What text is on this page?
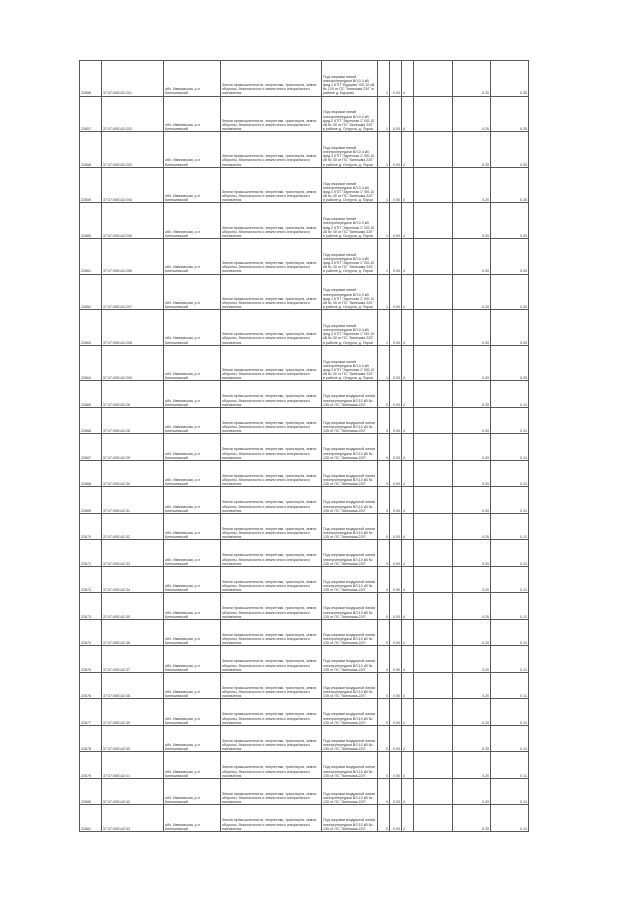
22656	37:07:050142:201	обл. Ивановская, р-н Кинешемский	Земли промышленности, энергетики, транспорта, земли обороны, безопасности и земли иного специального назначения	Под опорами линий электропередачи ВЛ-0.4 кВ фид.1 КТП "Бурцево" ВЛ-10 кВ № 120 от ПС "Кинешма 220" в районе д. Бурцево	1	0.00	4		0.20	0.25
22657	37:07:050142:202	обл. Ивановская, р-н Кинешемский	Земли промышленности, энергетики, транспорта, земли обороны, безопасности и земли иного специального назначения	Под опорами линий электропередачи ВЛ-0.4 кВ фид.2 КТП "Заречная 1" ВЛ-10 кВ № 30 от ПС "Кинешма 220" в районе д. Оструха, д. Порки	1	0.00	4		0.20	0.25
22658	37:07:050142:203	обл. Ивановская, р-н Кинешемский	Земли промышленности, энергетики, транспорта, земли обороны, безопасности и земли иного специального назначения	Под опорами линий электропередачи ВЛ-0.4 кВ фид.3 КТП "Заречная 1" ВЛ-10 кВ № 30 от ПС "Кинешма 220" в районе д. Оструха, д. Порки	1	0.00	4		0.20	0.25
22659	37:07:050142:204	обл. Ивановская, р-н Кинешемский	Земли промышленности, энергетики, транспорта, земли обороны, безопасности и земли иного специального назначения	Под опорами линий электропередачи ВЛ-0.4 кВ фид.1 КТП "Заречная 1" ВЛ-10 кВ № 30 от ПС "Кинешма 220" в районе д. Оструха, д. Порки	1	0.00	4		0.20	0.25
22660	37:07:050142:205	обл. Ивановская, р-н Кинешемский	Земли промышленности, энергетики, транспорта, земли обороны, безопасности и земли иного специального назначения	Под опорами линий электропередачи ВЛ-0.4 кВ фид.2 КТП "Заречная 1" ВЛ-10 кВ № 30 от ПС "Кинешма 220" в районе д. Оструха, д. Порки	1	0.00	4		0.20	0.25
22661	37:07:050142:206	обл. Ивановская, р-н Кинешемский	Земли промышленности, энергетики, транспорта, земли обороны, безопасности и земли иного специального назначения	Под опорами линий электропередачи ВЛ-0.4 кВ фид.3 КТП "Заречная 1" ВЛ-10 кВ № 30 от ПС "Кинешма 220" в районе д. Оструха, д. Порки	1	0.00	4		0.20	0.25
22662	37:07:050142:207	обл. Ивановская, р-н Кинешемский	Земли промышленности, энергетики, транспорта, земли обороны, безопасности и земли иного специального назначения	Под опорами линий электропередачи ВЛ-0.4 кВ фид.1 КТП "Заречная 1" ВЛ-10 кВ № 30 от ПС "Кинешма 220" в районе д. Оструха, д. Порки	1	0.00	4		0.20	0.25
22663	37:07:050142:208	обл. Ивановская, р-н Кинешемский	Земли промышленности, энергетики, транспорта, земли обороны, безопасности и земли иного специального назначения	Под опорами линий электропередачи ВЛ-0.4 кВ фид.2 КТП "Заречная 1" ВЛ-10 кВ № 30 от ПС "Кинешма 220" в районе д. Оструха, д. Порки	1	0.00	4		0.20	0.25
22664	37:07:050142:209	обл. Ивановская, р-н Кинешемский	Земли промышленности, энергетики, транспорта, земли обороны, безопасности и земли иного специального назначения	Под опорами линий электропередачи ВЛ-0.4 кВ фид.3 КТП "Заречная 1" ВЛ-10 кВ № 30 от ПС "Кинешма 220" в районе д. Оструха, д. Порки	1	0.00	4		0.20	0.25
22665	37:07:050142:26	обл. Ивановская, р-н Кинешемский	Земли промышленности, энергетики, транспорта, земли обороны, безопасности и земли иного специального назначения	Под опорами воздушной линии электропередачи ВЛ-10 кВ № 135 от ПС "Кинешма-220"	0	0.00	4		0.20	0.11
22666	37:07:050142:28	обл. Ивановская, р-н Кинешемский	Земли промышленности, энергетики, транспорта, земли обороны, безопасности и земли иного специального назначения	Под опорами воздушной линии электропередачи ВЛ-10 кВ № 135 от ПС "Кинешма-220"	0	0.00	4		0.20	0.11
22667	37:07:050142:29	обл. Ивановская, р-н Кинешемский	Земли промышленности, энергетики, транспорта, земли обороны, безопасности и земли иного специального назначения	Под опорами воздушной линии электропередачи ВЛ-10 кВ № 135 от ПС "Кинешма-220"	0	0.00	4		0.20	0.11
22668	37:07:050142:30	обл. Ивановская, р-н Кинешемский	Земли промышленности, энергетики, транспорта, земли обороны, безопасности и земли иного специального назначения	Под опорами воздушной линии электропередачи ВЛ-10 кВ № 135 от ПС "Кинешма-220"	0	0.00	4		0.20	0.11
22669	37:07:050142:31	обл. Ивановская, р-н Кинешемский	Земли промышленности, энергетики, транспорта, земли обороны, безопасности и земли иного специального назначения	Под опорами воздушной линии электропередачи ВЛ-10 кВ № 135 от ПС "Кинешма-220"	0	0.00	4		0.20	0.11
22670	37:07:050142:32	обл. Ивановская, р-н Кинешемский	Земли промышленности, энергетики, транспорта, земли обороны, безопасности и земли иного специального назначения	Под опорами воздушной линии электропередачи ВЛ-10 кВ № 135 от ПС "Кинешма-220"	0	0.00	4		0.20	0.11
22671	37:07:050142:33	обл. Ивановская, р-н Кинешемский	Земли промышленности, энергетики, транспорта, земли обороны, безопасности и земли иного специального назначения	Под опорами воздушной линии электропередачи ВЛ-10 кВ № 135 от ПС "Кинешма-220"	0	0.00	4		0.20	0.11
22672	37:07:050142:34	обл. Ивановская, р-н Кинешемский	Земли промышленности, энергетики, транспорта, земли обороны, безопасности и земли иного специального назначения	Под опорами воздушной линии электропередачи ВЛ-10 кВ № 135 от ПС "Кинешма-220"	0	0.00	4		0.20	0.11
22673	37:07:050142:35	обл. Ивановская, р-н Кинешемский	Земли промышленности, энергетики, транспорта, земли обороны, безопасности и земли иного специального назначения	Под опорами воздушной линии электропередачи ВЛ-10 кВ № 135 от ПС "Кинешма-220"	0	0.00	4		0.20	0.11
22674	37:07:050142:36	обл. Ивановская, р-н Кинешемский	Земли промышленности, энергетики, транспорта, земли обороны, безопасности и земли иного специального назначения	Под опорами воздушной линии электропередачи ВЛ-10 кВ № 135 от ПС "Кинешма-220"	0	0.00	4		0.20	0.11
22675	37:07:050142:37	обл. Ивановская, р-н Кинешемский	Земли промышленности, энергетики, транспорта, земли обороны, безопасности и земли иного специального назначения	Под опорами воздушной линии электропередачи ВЛ-10 кВ № 135 от ПС "Кинешма-220"	0	0.00	4		0.20	0.11
22676	37:07:050142:38	обл. Ивановская, р-н Кинешемский	Земли промышленности, энергетики, транспорта, земли обороны, безопасности и земли иного специального назначения	Под опорами воздушной линии электропередачи ВЛ-10 кВ № 135 от ПС "Кинешма-220"	0	0.00	4		0.20	0.11
22677	37:07:050142:39	обл. Ивановская, р-н Кинешемский	Земли промышленности, энергетики, транспорта, земли обороны, безопасности и земли иного специального назначения	Под опорами воздушной линии электропередачи ВЛ-10 кВ № 135 от ПС "Кинешма-220"	0	0.00	4		0.20	0.11
22678	37:07:050142:40	обл. Ивановская, р-н Кинешемский	Земли промышленности, энергетики, транспорта, земли обороны, безопасности и земли иного специального назначения	Под опорами воздушной линии электропередачи ВЛ-10 кВ № 135 от ПС "Кинешма-220"	0	0.00	4		0.20	0.11
22679	37:07:050142:41	обл. Ивановская, р-н Кинешемский	Земли промышленности, энергетики, транспорта, земли обороны, безопасности и земли иного специального назначения	Под опорами воздушной линии электропередачи ВЛ-10 кВ № 135 от ПС "Кинешма-220"	0	0.00	4		0.20	0.11
22680	37:07:050142:42	обл. Ивановская, р-н Кинешемский	Земли промышленности, энергетики, транспорта, земли обороны, безопасности и земли иного специального назначения	Под опорами воздушной линии электропередачи ВЛ-10 кВ № 135 от ПС "Кинешма-220"	0	0.00	4		0.20	0.11
22681	37:07:050142:43	обл. Ивановская, р-н Кинешемский	Земли промышленности, энергетики, транспорта, земли обороны, безопасности и земли иного специального назначения	Под опорами воздушной линии электропередачи ВЛ-10 кВ № 135 от ПС "Кинешма-220"	0	0.00	4		0.20	0.11
